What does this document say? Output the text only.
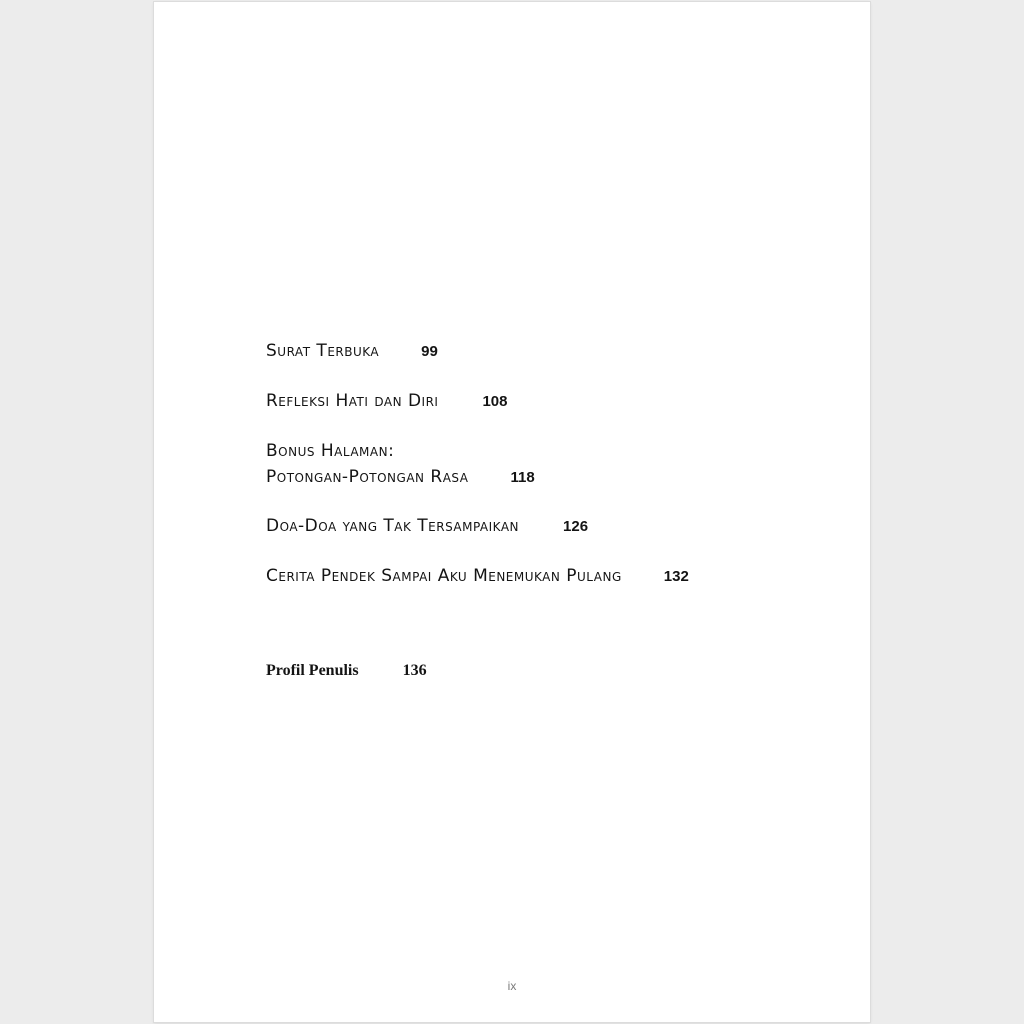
Surat Terbuka	99
Refleksi Hati dan Diri	108
Bonus Halaman:
Potongan-Potongan Rasa	118
Doa-Doa yang Tak Tersampaikan	126
Cerita Pendek Sampai Aku Menemukan Pulang	132
Profil Penulis	136
ix
